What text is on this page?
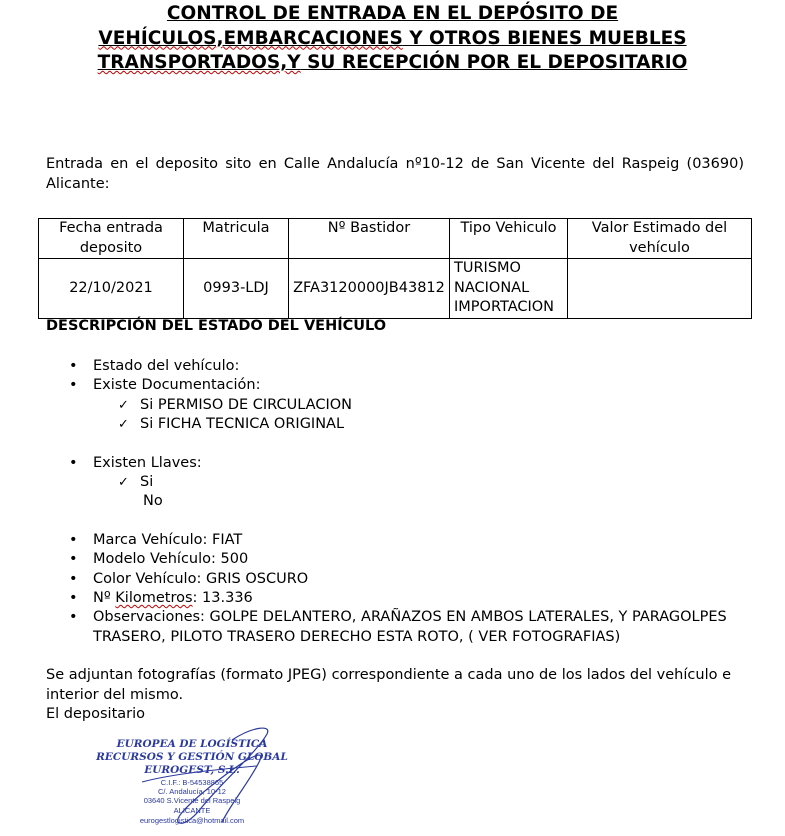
CONTROL DE ENTRADA EN EL DEPÓSITO DE
VEHÍCULOS,EMBARCACIONES Y OTROS BIENES MUEBLES
TRANSPORTADOS,Y SU RECEPCIÓN POR EL DEPOSITARIO
Entrada en el deposito sito en Calle Andalucía nº10-12 de San Vicente del Raspeig (03690) Alicante:
Fecha entrada deposito	Matricula	Nº Bastidor	Tipo Vehiculo	Valor Estimado del vehículo
22/10/2021	0993-LDJ	ZFA3120000JB43812	TURISMO NACIONAL IMPORTACION	
DESCRIPCIÓN DEL ESTADO DEL VEHÍCULO
• Estado del vehículo:
• Existe Documentación:
✓ Si PERMISO DE CIRCULACION
✓ Si FICHA TECNICA ORIGINAL
• Existen Llaves:
✓ Si
No
• Marca Vehículo: FIAT
• Modelo Vehículo: 500
• Color Vehículo: GRIS OSCURO
• Nº Kilometros: 13.336
• Observaciones: GOLPE DELANTERO, ARAÑAZOS EN AMBOS LATERALES, Y PARAGOLPES TRASERO, PILOTO TRASERO DERECHO ESTA ROTO, ( VER FOTOGRAFIAS)
Se adjuntan fotografías (formato JPEG) correspondiente a cada uno de los lados del vehículo e interior del mismo.
El depositario
EUROPEA DE LOGÍSTICA
RECURSOS Y GESTIÓN GLOBAL
EUROGEST, S.L.
C.I.F.: B-54538865
C/. Andalucía, 10-12
03640 S.Vicente del Raspeig
ALICANTE
eurogestlogistica@hotmail.com
